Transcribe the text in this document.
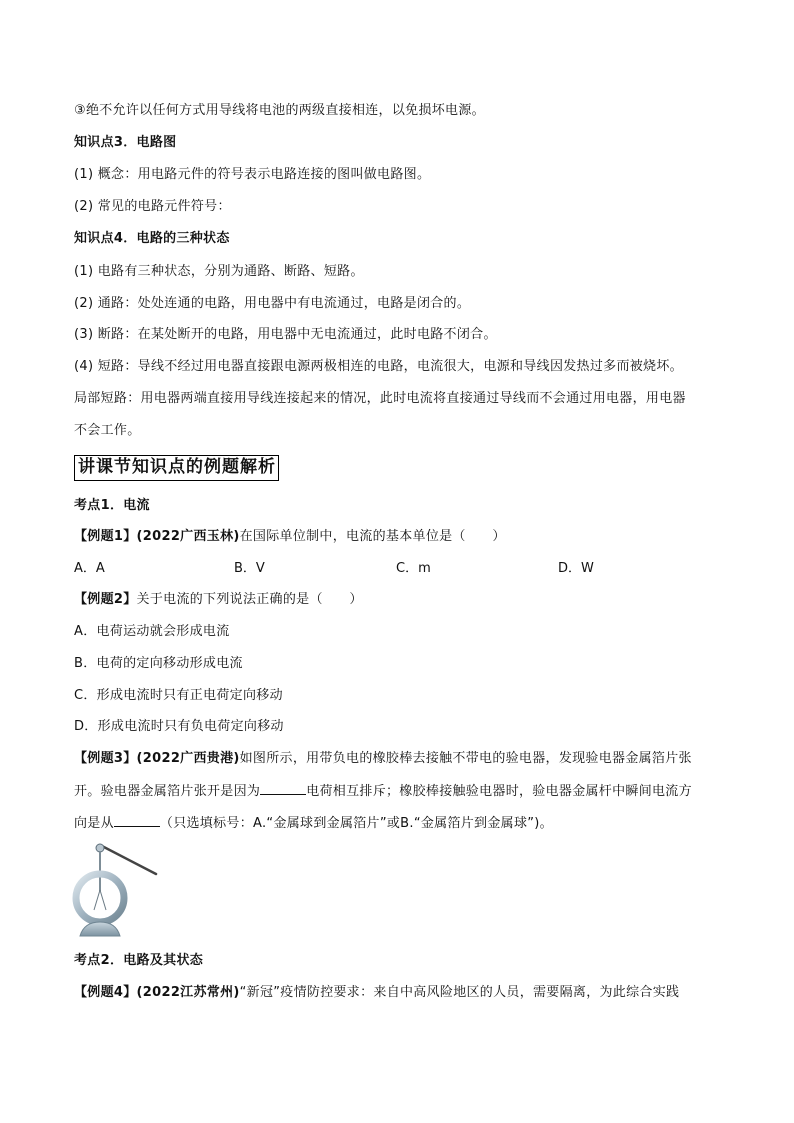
③绝不允许以任何方式用导线将电池的两级直接相连，以免损坏电源。
知识点3．电路图
(1) 概念：用电路元件的符号表示电路连接的图叫做电路图。
(2) 常见的电路元件符号：
知识点4．电路的三种状态
(1) 电路有三种状态，分别为通路、断路、短路。
(2) 通路：处处连通的电路，用电器中有电流通过，电路是闭合的。
(3) 断路：在某处断开的电路，用电器中无电流通过，此时电路不闭合。
(4) 短路：导线不经过用电器直接跟电源两极相连的电路，电流很大，电源和导线因发热过多而被烧坏。
局部短路：用电器两端直接用导线连接起来的情况，此时电流将直接通过导线而不会通过用电器，用电器
不会工作。
讲课节知识点的例题解析
考点1．电流
【例题1】(2022广西玉林)在国际单位制中，电流的基本单位是（　　）
A．A	B．V	C．m	D．W
【例题2】关于电流的下列说法正确的是（　　）
A．电荷运动就会形成电流
B．电荷的定向移动形成电流
C．形成电流时只有正电荷定向移动
D．形成电流时只有负电荷定向移动
【例题3】(2022广西贵港)如图所示，用带负电的橡胶棒去接触不带电的验电器，发现验电器金属箔片张
开。验电器金属箔片张开是因为	电荷相互排斥；橡胶棒接触验电器时，验电器金属杆中瞬间电流方
向是从	（只选填标号：A.“金属球到金属箔片”或B.“金属箔片到金属球”)。
考点2．电路及其状态
【例题4】(2022江苏常州)“新冠”疫情防控要求：来自中高风险地区的人员，需要隔离，为此综合实践
